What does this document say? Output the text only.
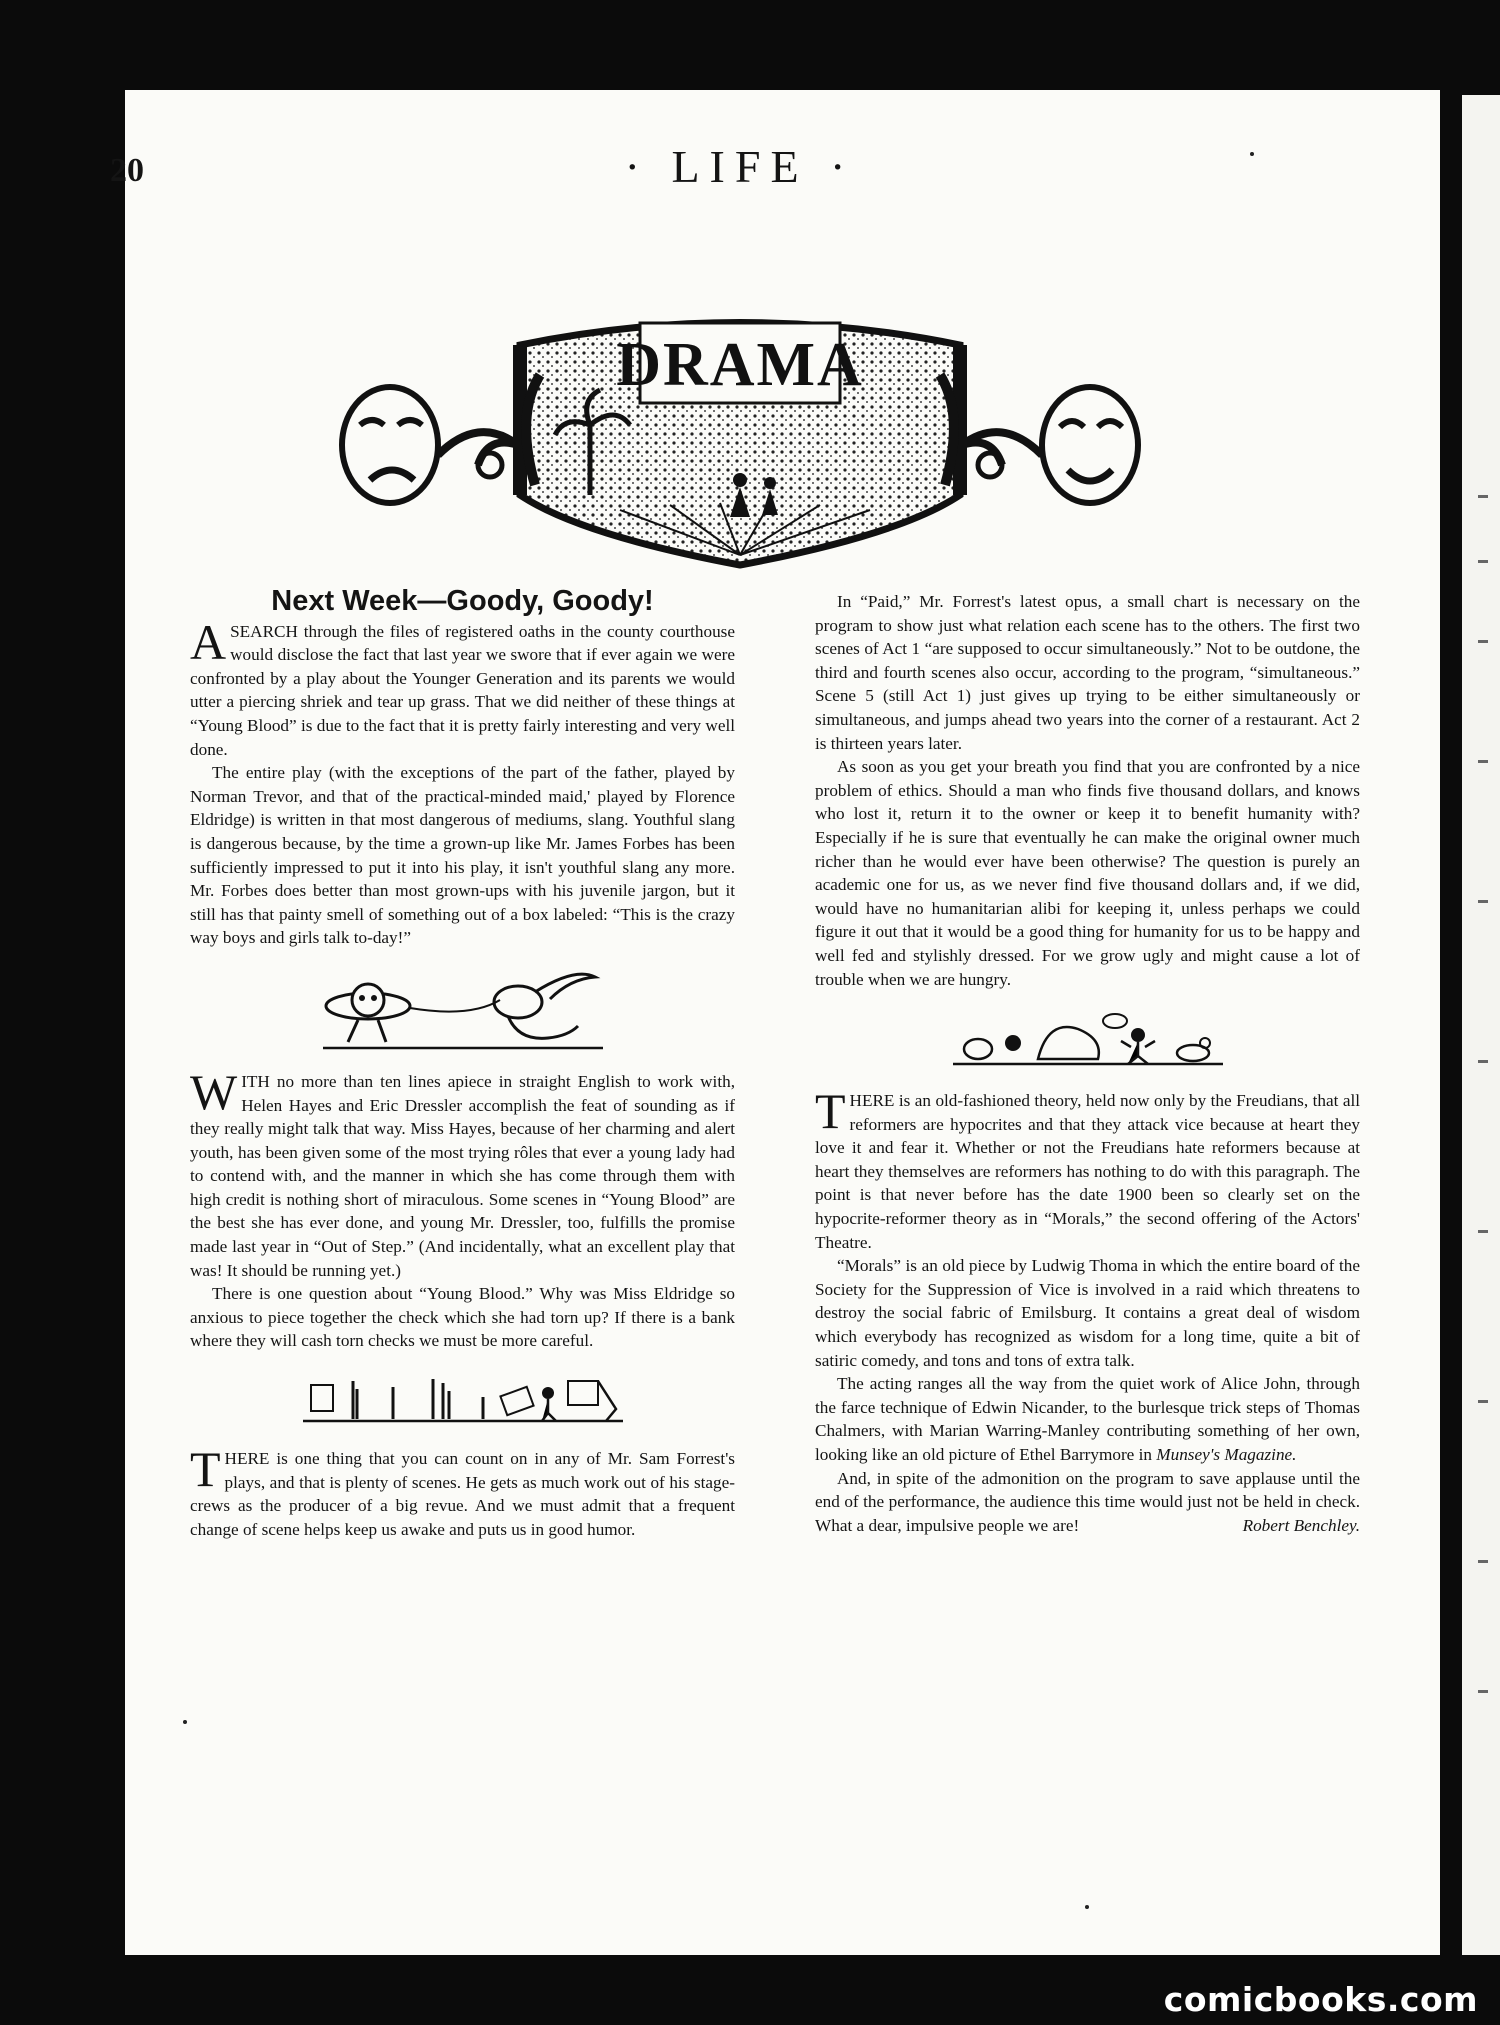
20	· LIFE ·
DRAMA
Next Week—Goody, Goody!

ASEARCH through the files of registered oaths in the county courthouse would disclose the fact that last year we swore that if ever again we were confronted by a play about the Younger Generation and its parents we would utter a piercing shriek and tear up grass. That we did neither of these things at “Young Blood” is due to the fact that it is pretty fairly interesting and very well done.

The entire play (with the exceptions of the part of the father, played by Norman Trevor, and that of the practical-minded maid,' played by Florence Eldridge) is written in that most dangerous of mediums, slang. Youthful slang is dangerous because, by the time a grown-up like Mr. James Forbes has been sufficiently impressed to put it into his play, it isn't youthful slang any more. Mr. Forbes does better than most grown-ups with his juvenile jargon, but it still has that painty smell of something out of a box labeled: “This is the crazy way boys and girls talk to-day!”

WITH no more than ten lines apiece in straight English to work with, Helen Hayes and Eric Dressler accomplish the feat of sounding as if they really might talk that way. Miss Hayes, because of her charming and alert youth, has been given some of the most trying rôles that ever a young lady had to contend with, and the manner in which she has come through them with high credit is nothing short of miraculous. Some scenes in “Young Blood” are the best she has ever done, and young Mr. Dressler, too, fulfills the promise made last year in “Out of Step.” (And incidentally, what an excellent play that was! It should be running yet.)

There is one question about “Young Blood.” Why was Miss Eldridge so anxious to piece together the check which she had torn up? If there is a bank where they will cash torn checks we must be more careful.

THERE is one thing that you can count on in any of Mr. Sam Forrest's plays, and that is plenty of scenes. He gets as much work out of his stage-crews as the producer of a big revue. And we must admit that a frequent change of scene helps keep us awake and puts us in good humor.

In “Paid,” Mr. Forrest's latest opus, a small chart is necessary on the program to show just what relation each scene has to the others. The first two scenes of Act 1 “are supposed to occur simultaneously.” Not to be outdone, the third and fourth scenes also occur, according to the program, “simultaneous.” Scene 5 (still Act 1) just gives up trying to be either simultaneously or simultaneous, and jumps ahead two years into the corner of a restaurant. Act 2 is thirteen years later.

As soon as you get your breath you find that you are confronted by a nice problem of ethics. Should a man who finds five thousand dollars, and knows who lost it, return it to the owner or keep it to benefit humanity with? Especially if he is sure that eventually he can make the original owner much richer than he would ever have been otherwise? The question is purely an academic one for us, as we never find five thousand dollars and, if we did, would have no humanitarian alibi for keeping it, unless perhaps we could figure it out that it would be a good thing for humanity for us to be happy and well fed and stylishly dressed. For we grow ugly and might cause a lot of trouble when we are hungry.

THERE is an old-fashioned theory, held now only by the Freudians, that all reformers are hypocrites and that they attack vice because at heart they love it and fear it. Whether or not the Freudians hate reformers because at heart they themselves are reformers has nothing to do with this paragraph. The point is that never before has the date 1900 been so clearly set on the hypocrite-reformer theory as in “Morals,” the second offering of the Actors' Theatre.

“Morals” is an old piece by Ludwig Thoma in which the entire board of the Society for the Suppression of Vice is involved in a raid which threatens to destroy the social fabric of Emilsburg. It contains a great deal of wisdom which everybody has recognized as wisdom for a long time, quite a bit of satiric comedy, and tons and tons of extra talk.

The acting ranges all the way from the quiet work of Alice John, through the farce technique of Edwin Nicander, to the burlesque trick steps of Thomas Chalmers, with Marian Warring-Manley contributing something of her own, looking like an old picture of Ethel Barrymore in Munsey's Magazine.

And, in spite of the admonition on the program to save applause until the end of the performance, the audience this time would just not be held in check. What a dear, impulsive people we are!	Robert Benchley.

comicbooks.com
